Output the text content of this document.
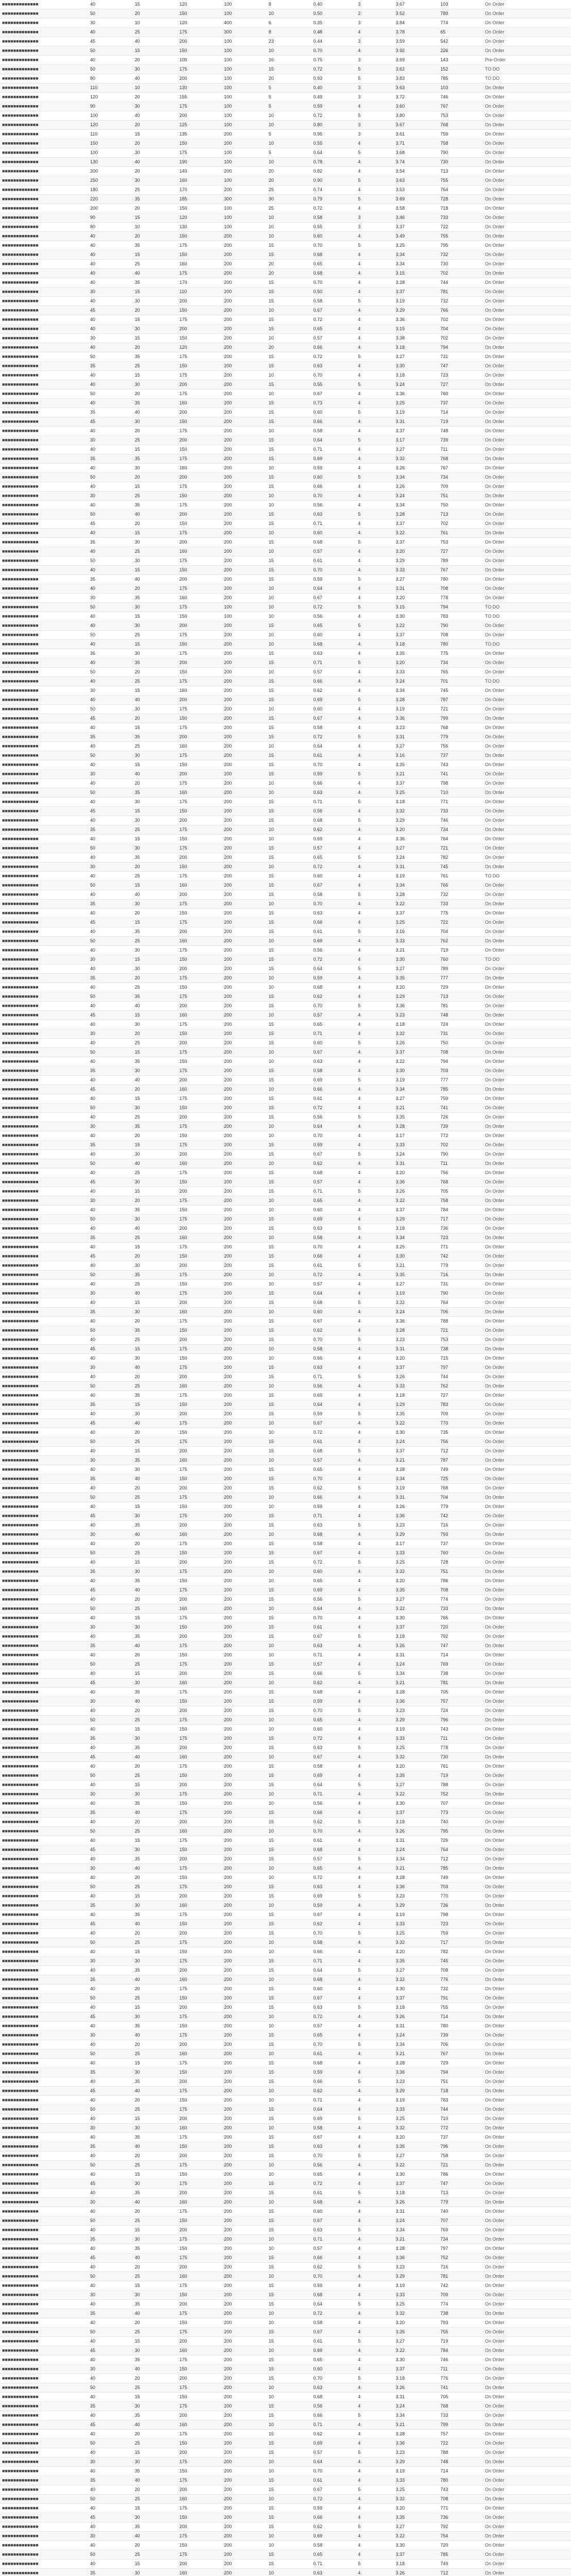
■■■■■■■■■■■■■	40	15	120	100	8	0.40	3	3.67	103	On Order
■■■■■■■■■■■■■	50	20	150	100	10	0.50	2	3.52	789	On Order
■■■■■■■■■■■■■	30	10	120	400	6	0.35	3	3.84	774	On Order
■■■■■■■■■■■■■	40	25	175	300	8	0.48	4	3.78	65	On Order
■■■■■■■■■■■■■	45	40	200	100	23	0.44	3	3.59	542	On Order
■■■■■■■■■■■■■	50	15	150	100	10	0.70	4	3.92	226	On Order
■■■■■■■■■■■■■	40	20	100	100	16	0.75	3	3.69	143	Pre-Order
■■■■■■■■■■■■■	50	30	175	100	15	0.72	5	3.62	152	TO DO
■■■■■■■■■■■■■	80	40	200	100	20	0.93	5	3.83	785	TO DO
■■■■■■■■■■■■■	110	10	130	100	5	0.40	3	3.63	103	On Order
■■■■■■■■■■■■■	120	20	155	100	5	0.49	3	3.72	746	On Order
■■■■■■■■■■■■■	90	30	175	100	5	0.59	4	3.60	767	On Order
■■■■■■■■■■■■■	100	40	200	100	10	0.72	5	3.80	753	On Order
■■■■■■■■■■■■■	120	20	125	100	10	0.80	3	3.67	768	On Order
■■■■■■■■■■■■■	110	15	135	200	5	0.95	3	3.61	759	On Order
■■■■■■■■■■■■■	150	20	150	200	10	0.55	4	3.71	758	On Order
■■■■■■■■■■■■■	100	30	175	100	5	0.64	5	3.68	790	On Order
■■■■■■■■■■■■■	130	40	190	100	10	0.78	4	3.74	730	On Order
■■■■■■■■■■■■■	200	20	140	200	20	0.82	4	3.54	713	On Order
■■■■■■■■■■■■■	250	30	160	100	20	0.90	5	3.63	755	On Order
■■■■■■■■■■■■■	180	25	170	200	25	0.74	4	3.53	764	On Order
■■■■■■■■■■■■■	220	35	185	300	30	0.79	5	3.69	728	On Order
■■■■■■■■■■■■■	200	20	150	100	25	0.72	4	3.58	718	On Order
■■■■■■■■■■■■■	90	15	120	100	10	0.58	3	3.46	733	On Order
■■■■■■■■■■■■■	80	10	130	100	10	0.55	3	3.37	722	On Order
■■■■■■■■■■■■■	40	20	150	200	10	0.60	4	3.49	755	On Order
■■■■■■■■■■■■■	40	35	175	200	15	0.70	5	3.25	795	On Order
■■■■■■■■■■■■■	40	15	150	200	15	0.68	4	3.34	732	On Order
■■■■■■■■■■■■■	40	25	160	200	20	0.65	4	3.34	730	On Order
■■■■■■■■■■■■■	40	40	175	200	20	0.68	4	3.15	702	On Order
■■■■■■■■■■■■■	40	35	170	200	15	0.70	4	3.28	744	On Order
■■■■■■■■■■■■■	30	15	110	200	15	0.50	4	3.37	781	On Order
■■■■■■■■■■■■■	40	30	200	200	15	0.58	5	3.19	732	On Order
■■■■■■■■■■■■■	45	20	150	200	10	0.67	4	3.29	766	On Order
■■■■■■■■■■■■■	40	15	175	200	15	0.72	4	3.36	702	On Order
■■■■■■■■■■■■■	40	30	200	200	15	0.65	4	3.15	704	On Order
■■■■■■■■■■■■■	30	15	150	200	10	0.57	4	3.38	702	On Order
■■■■■■■■■■■■■	40	20	120	200	20	0.66	4	3.18	794	On Order
■■■■■■■■■■■■■	50	35	175	200	15	0.72	5	3.27	731	On Order
■■■■■■■■■■■■■	35	25	150	200	15	0.63	4	3.30	747	On Order
■■■■■■■■■■■■■	40	15	175	200	10	0.70	4	3.18	723	On Order
■■■■■■■■■■■■■	40	30	200	200	15	0.55	5	3.24	727	On Order
■■■■■■■■■■■■■	50	20	175	200	10	0.67	4	3.36	760	On Order
■■■■■■■■■■■■■	40	35	160	200	15	0.73	4	3.25	737	On Order
■■■■■■■■■■■■■	35	40	200	200	15	0.60	5	3.19	714	On Order
■■■■■■■■■■■■■	45	30	150	200	15	0.66	4	3.31	719	On Order
■■■■■■■■■■■■■	40	20	175	200	10	0.58	4	3.37	748	On Order
■■■■■■■■■■■■■	30	25	200	200	15	0.64	5	3.17	739	On Order
■■■■■■■■■■■■■	40	15	150	200	15	0.71	4	3.27	711	On Order
■■■■■■■■■■■■■	35	35	175	200	15	0.69	4	3.32	768	On Order
■■■■■■■■■■■■■	40	30	160	200	10	0.59	4	3.26	767	On Order
■■■■■■■■■■■■■	50	20	200	200	15	0.60	5	3.34	734	On Order
■■■■■■■■■■■■■	40	15	175	200	15	0.66	4	3.26	709	On Order
■■■■■■■■■■■■■	30	25	150	200	10	0.70	4	3.24	751	On Order
■■■■■■■■■■■■■	40	35	175	200	10	0.56	4	3.34	750	On Order
■■■■■■■■■■■■■	50	40	200	200	15	0.63	5	3.28	713	On Order
■■■■■■■■■■■■■	45	20	150	200	15	0.71	4	3.37	702	On Order
■■■■■■■■■■■■■	40	15	175	200	10	0.60	4	3.22	761	On Order
■■■■■■■■■■■■■	35	30	200	200	15	0.68	5	3.37	753	On Order
■■■■■■■■■■■■■	40	25	160	200	10	0.57	4	3.20	727	On Order
■■■■■■■■■■■■■	50	30	175	200	15	0.61	4	3.29	789	On Order
■■■■■■■■■■■■■	40	15	150	200	15	0.70	4	3.33	767	On Order
■■■■■■■■■■■■■	35	40	200	200	15	0.59	5	3.27	780	On Order
■■■■■■■■■■■■■	40	20	175	200	10	0.64	4	3.31	708	On Order
■■■■■■■■■■■■■	30	35	160	200	10	0.67	4	3.20	778	On Order
■■■■■■■■■■■■■	50	30	175	100	10	0.72	5	3.15	794	TO DO
■■■■■■■■■■■■■	40	15	150	100	10	0.56	4	3.30	783	TO DO
■■■■■■■■■■■■■	40	30	200	200	15	0.65	5	3.22	790	On Order
■■■■■■■■■■■■■	50	25	175	200	10	0.60	4	3.37	708	On Order
■■■■■■■■■■■■■	40	15	150	200	10	0.68	4	3.18	780	TO DO
■■■■■■■■■■■■■	35	30	175	200	15	0.63	4	3.35	775	On Order
■■■■■■■■■■■■■	40	35	200	200	15	0.71	5	3.20	734	On Order
■■■■■■■■■■■■■	50	20	150	200	10	0.57	4	3.33	765	On Order
■■■■■■■■■■■■■	40	25	175	200	15	0.66	4	3.24	701	TO DO
■■■■■■■■■■■■■	30	15	160	200	15	0.62	4	3.34	745	On Order
■■■■■■■■■■■■■	40	40	200	200	15	0.69	5	3.28	787	On Order
■■■■■■■■■■■■■	50	30	175	200	10	0.60	4	3.19	721	On Order
■■■■■■■■■■■■■	45	20	150	200	15	0.67	4	3.36	799	On Order
■■■■■■■■■■■■■	40	15	175	200	15	0.58	4	3.23	768	On Order
■■■■■■■■■■■■■	35	35	200	200	15	0.72	5	3.31	779	On Order
■■■■■■■■■■■■■	40	25	160	200	10	0.64	4	3.27	756	On Order
■■■■■■■■■■■■■	50	30	175	200	15	0.61	4	3.16	737	On Order
■■■■■■■■■■■■■	40	15	150	200	15	0.70	4	3.35	743	On Order
■■■■■■■■■■■■■	30	40	200	200	15	0.59	5	3.21	741	On Order
■■■■■■■■■■■■■	40	20	175	200	10	0.66	4	3.37	798	On Order
■■■■■■■■■■■■■	50	35	160	200	10	0.63	4	3.25	710	On Order
■■■■■■■■■■■■■	40	30	175	200	15	0.71	5	3.18	771	On Order
■■■■■■■■■■■■■	45	15	150	200	15	0.56	4	3.32	733	On Order
■■■■■■■■■■■■■	40	30	200	200	15	0.68	5	3.29	746	On Order
■■■■■■■■■■■■■	35	25	175	200	10	0.62	4	3.20	734	On Order
■■■■■■■■■■■■■	40	15	150	200	10	0.69	4	3.36	764	On Order
■■■■■■■■■■■■■	50	30	175	200	15	0.57	4	3.27	721	On Order
■■■■■■■■■■■■■	40	35	200	200	15	0.65	5	3.24	782	On Order
■■■■■■■■■■■■■	30	20	150	200	10	0.72	4	3.31	745	On Order
■■■■■■■■■■■■■	40	25	175	200	15	0.60	4	3.19	761	TO DO
■■■■■■■■■■■■■	50	15	160	200	15	0.67	4	3.34	766	On Order
■■■■■■■■■■■■■	40	40	200	200	15	0.58	5	3.28	732	On Order
■■■■■■■■■■■■■	35	30	175	200	10	0.70	4	3.22	733	On Order
■■■■■■■■■■■■■	40	20	150	200	15	0.63	4	3.37	775	On Order
■■■■■■■■■■■■■	45	15	175	200	15	0.66	4	3.25	722	On Order
■■■■■■■■■■■■■	40	35	200	200	15	0.61	5	3.16	704	On Order
■■■■■■■■■■■■■	50	25	160	200	10	0.69	4	3.33	762	On Order
■■■■■■■■■■■■■	40	30	175	200	15	0.56	4	3.21	719	On Order
■■■■■■■■■■■■■	30	15	150	200	15	0.72	4	3.30	760	TO DO
■■■■■■■■■■■■■	40	30	200	200	15	0.64	5	3.27	789	On Order
■■■■■■■■■■■■■	35	20	175	200	10	0.59	4	3.35	777	On Order
■■■■■■■■■■■■■	40	25	150	200	10	0.68	4	3.20	729	On Order
■■■■■■■■■■■■■	50	35	175	200	15	0.62	4	3.29	713	On Order
■■■■■■■■■■■■■	40	40	200	200	15	0.70	5	3.36	781	On Order
■■■■■■■■■■■■■	45	15	160	200	10	0.57	4	3.23	748	On Order
■■■■■■■■■■■■■	40	30	175	200	15	0.65	4	3.18	724	On Order
■■■■■■■■■■■■■	30	20	150	200	15	0.71	4	3.32	731	On Order
■■■■■■■■■■■■■	40	25	200	200	15	0.60	5	3.26	750	On Order
■■■■■■■■■■■■■	50	15	175	200	10	0.67	4	3.37	708	On Order
■■■■■■■■■■■■■	40	35	150	200	10	0.63	4	3.22	794	On Order
■■■■■■■■■■■■■	35	30	175	200	15	0.58	4	3.30	703	On Order
■■■■■■■■■■■■■	40	40	200	200	15	0.69	5	3.19	777	On Order
■■■■■■■■■■■■■	45	20	160	200	10	0.66	4	3.34	785	On Order
■■■■■■■■■■■■■	40	15	175	200	15	0.61	4	3.27	759	On Order
■■■■■■■■■■■■■	50	30	150	200	15	0.72	4	3.21	741	On Order
■■■■■■■■■■■■■	40	25	200	200	15	0.56	5	3.35	726	On Order
■■■■■■■■■■■■■	30	35	175	200	10	0.64	4	3.28	739	On Order
■■■■■■■■■■■■■	40	20	150	200	10	0.70	4	3.17	772	On Order
■■■■■■■■■■■■■	35	15	175	200	15	0.59	4	3.33	702	On Order
■■■■■■■■■■■■■	40	30	200	200	15	0.67	5	3.24	790	On Order
■■■■■■■■■■■■■	50	40	160	200	10	0.62	4	3.31	711	On Order
■■■■■■■■■■■■■	40	25	175	200	15	0.68	4	3.20	756	On Order
■■■■■■■■■■■■■	45	30	150	200	15	0.57	4	3.36	768	On Order
■■■■■■■■■■■■■	40	15	200	200	15	0.71	5	3.26	705	On Order
■■■■■■■■■■■■■	30	20	175	200	10	0.65	4	3.22	758	On Order
■■■■■■■■■■■■■	40	35	150	200	10	0.60	4	3.37	784	On Order
■■■■■■■■■■■■■	50	30	175	200	15	0.69	4	3.29	717	On Order
■■■■■■■■■■■■■	40	40	200	200	15	0.63	5	3.18	736	On Order
■■■■■■■■■■■■■	35	25	160	200	10	0.58	4	3.34	723	On Order
■■■■■■■■■■■■■	40	15	175	200	15	0.70	4	3.25	771	On Order
■■■■■■■■■■■■■	45	20	150	200	15	0.66	4	3.30	742	On Order
■■■■■■■■■■■■■	40	30	200	200	15	0.61	5	3.21	779	On Order
■■■■■■■■■■■■■	50	35	175	200	10	0.72	4	3.35	716	On Order
■■■■■■■■■■■■■	40	25	150	200	10	0.57	4	3.27	731	On Order
■■■■■■■■■■■■■	30	40	175	200	15	0.64	4	3.19	790	On Order
■■■■■■■■■■■■■	40	15	200	200	15	0.68	5	3.32	764	On Order
■■■■■■■■■■■■■	35	30	160	200	10	0.60	4	3.24	706	On Order
■■■■■■■■■■■■■	40	20	175	200	15	0.67	4	3.36	788	On Order
■■■■■■■■■■■■■	50	35	150	200	15	0.62	4	3.28	721	On Order
■■■■■■■■■■■■■	40	25	200	200	15	0.70	5	3.23	753	On Order
■■■■■■■■■■■■■	45	15	175	200	10	0.58	4	3.31	738	On Order
■■■■■■■■■■■■■	40	30	150	200	10	0.66	4	3.20	715	On Order
■■■■■■■■■■■■■	30	40	175	200	15	0.63	4	3.37	797	On Order
■■■■■■■■■■■■■	40	20	200	200	15	0.71	5	3.26	744	On Order
■■■■■■■■■■■■■	50	25	160	200	10	0.56	4	3.33	762	On Order
■■■■■■■■■■■■■	40	35	175	200	15	0.69	4	3.18	727	On Order
■■■■■■■■■■■■■	35	15	150	200	15	0.64	4	3.29	783	On Order
■■■■■■■■■■■■■	40	30	200	200	15	0.59	5	3.35	709	On Order
■■■■■■■■■■■■■	45	40	175	200	10	0.67	4	3.22	770	On Order
■■■■■■■■■■■■■	40	20	150	200	10	0.72	4	3.30	735	On Order
■■■■■■■■■■■■■	50	25	175	200	15	0.61	4	3.24	756	On Order
■■■■■■■■■■■■■	40	15	200	200	15	0.68	5	3.37	712	On Order
■■■■■■■■■■■■■	30	35	160	200	10	0.57	4	3.21	787	On Order
■■■■■■■■■■■■■	40	30	175	200	15	0.65	4	3.28	749	On Order
■■■■■■■■■■■■■	35	40	150	200	15	0.70	4	3.34	725	On Order
■■■■■■■■■■■■■	40	20	200	200	15	0.62	5	3.19	768	On Order
■■■■■■■■■■■■■	50	25	175	200	10	0.66	4	3.31	704	On Order
■■■■■■■■■■■■■	40	15	150	200	10	0.59	4	3.26	779	On Order
■■■■■■■■■■■■■	45	30	175	200	15	0.71	4	3.36	742	On Order
■■■■■■■■■■■■■	40	35	200	200	15	0.63	5	3.23	716	On Order
■■■■■■■■■■■■■	30	40	160	200	10	0.68	4	3.29	793	On Order
■■■■■■■■■■■■■	40	20	175	200	15	0.58	4	3.17	737	On Order
■■■■■■■■■■■■■	50	25	150	200	15	0.67	4	3.33	760	On Order
■■■■■■■■■■■■■	40	15	200	200	15	0.72	5	3.25	728	On Order
■■■■■■■■■■■■■	35	30	175	200	10	0.60	4	3.32	751	On Order
■■■■■■■■■■■■■	40	35	150	200	10	0.65	4	3.20	786	On Order
■■■■■■■■■■■■■	45	40	175	200	15	0.69	4	3.35	708	On Order
■■■■■■■■■■■■■	40	20	200	200	15	0.56	5	3.27	774	On Order
■■■■■■■■■■■■■	50	25	160	200	10	0.64	4	3.22	733	On Order
■■■■■■■■■■■■■	40	15	175	200	15	0.70	4	3.30	765	On Order
■■■■■■■■■■■■■	30	30	150	200	15	0.61	4	3.37	720	On Order
■■■■■■■■■■■■■	40	35	200	200	15	0.67	5	3.18	792	On Order
■■■■■■■■■■■■■	35	40	175	200	10	0.63	4	3.26	747	On Order
■■■■■■■■■■■■■	40	20	150	200	10	0.71	4	3.31	714	On Order
■■■■■■■■■■■■■	50	25	175	200	15	0.57	4	3.24	769	On Order
■■■■■■■■■■■■■	40	15	200	200	15	0.66	5	3.34	738	On Order
■■■■■■■■■■■■■	45	30	160	200	10	0.62	4	3.21	781	On Order
■■■■■■■■■■■■■	40	35	175	200	15	0.68	4	3.28	705	On Order
■■■■■■■■■■■■■	30	40	150	200	15	0.59	4	3.36	757	On Order
■■■■■■■■■■■■■	40	20	200	200	15	0.70	5	3.23	724	On Order
■■■■■■■■■■■■■	50	25	175	200	10	0.65	4	3.29	796	On Order
■■■■■■■■■■■■■	40	15	150	200	10	0.60	4	3.19	743	On Order
■■■■■■■■■■■■■	35	30	175	200	15	0.72	4	3.33	711	On Order
■■■■■■■■■■■■■	40	35	200	200	15	0.63	5	3.25	778	On Order
■■■■■■■■■■■■■	45	40	160	200	10	0.67	4	3.32	730	On Order
■■■■■■■■■■■■■	40	20	175	200	15	0.58	4	3.20	761	On Order
■■■■■■■■■■■■■	50	25	150	200	15	0.69	4	3.35	719	On Order
■■■■■■■■■■■■■	40	15	200	200	15	0.64	5	3.27	788	On Order
■■■■■■■■■■■■■	30	30	175	200	10	0.71	4	3.22	752	On Order
■■■■■■■■■■■■■	40	35	150	200	10	0.56	4	3.30	707	On Order
■■■■■■■■■■■■■	35	40	175	200	15	0.66	4	3.37	773	On Order
■■■■■■■■■■■■■	40	20	200	200	15	0.62	5	3.18	740	On Order
■■■■■■■■■■■■■	50	25	160	200	10	0.70	4	3.26	795	On Order
■■■■■■■■■■■■■	40	15	175	200	15	0.61	4	3.31	726	On Order
■■■■■■■■■■■■■	45	30	150	200	15	0.68	4	3.24	764	On Order
■■■■■■■■■■■■■	40	35	200	200	15	0.57	5	3.34	712	On Order
■■■■■■■■■■■■■	30	40	175	200	10	0.65	4	3.21	785	On Order
■■■■■■■■■■■■■	40	20	150	200	10	0.72	4	3.28	749	On Order
■■■■■■■■■■■■■	50	25	175	200	15	0.63	4	3.36	703	On Order
■■■■■■■■■■■■■	40	15	200	200	15	0.69	5	3.23	770	On Order
■■■■■■■■■■■■■	35	30	160	200	10	0.59	4	3.29	736	On Order
■■■■■■■■■■■■■	40	35	175	200	15	0.67	4	3.19	798	On Order
■■■■■■■■■■■■■	45	40	150	200	15	0.62	4	3.33	723	On Order
■■■■■■■■■■■■■	40	20	200	200	15	0.70	5	3.25	759	On Order
■■■■■■■■■■■■■	50	25	175	200	10	0.58	4	3.32	717	On Order
■■■■■■■■■■■■■	40	15	150	200	10	0.66	4	3.20	782	On Order
■■■■■■■■■■■■■	30	30	175	200	15	0.71	4	3.35	745	On Order
■■■■■■■■■■■■■	40	35	200	200	15	0.64	5	3.27	708	On Order
■■■■■■■■■■■■■	35	40	160	200	10	0.68	4	3.22	776	On Order
■■■■■■■■■■■■■	40	20	175	200	15	0.60	4	3.30	732	On Order
■■■■■■■■■■■■■	50	25	150	200	15	0.67	4	3.37	791	On Order
■■■■■■■■■■■■■	40	15	200	200	15	0.63	5	3.18	755	On Order
■■■■■■■■■■■■■	45	30	175	200	10	0.72	4	3.26	714	On Order
■■■■■■■■■■■■■	40	35	150	200	10	0.57	4	3.31	780	On Order
■■■■■■■■■■■■■	30	40	175	200	15	0.65	4	3.24	739	On Order
■■■■■■■■■■■■■	40	20	200	200	15	0.70	5	3.34	706	On Order
■■■■■■■■■■■■■	50	25	160	200	10	0.61	4	3.21	767	On Order
■■■■■■■■■■■■■	40	15	175	200	15	0.68	4	3.28	729	On Order
■■■■■■■■■■■■■	35	30	150	200	15	0.59	4	3.36	794	On Order
■■■■■■■■■■■■■	40	35	200	200	15	0.66	5	3.23	751	On Order
■■■■■■■■■■■■■	45	40	175	200	10	0.62	4	3.29	718	On Order
■■■■■■■■■■■■■	40	20	150	200	10	0.71	4	3.19	783	On Order
■■■■■■■■■■■■■	50	25	175	200	15	0.64	4	3.33	744	On Order
■■■■■■■■■■■■■	40	15	200	200	15	0.69	5	3.25	710	On Order
■■■■■■■■■■■■■	30	30	160	200	10	0.58	4	3.32	772	On Order
■■■■■■■■■■■■■	40	35	175	200	15	0.67	4	3.20	737	On Order
■■■■■■■■■■■■■	35	40	150	200	15	0.63	4	3.35	796	On Order
■■■■■■■■■■■■■	40	20	200	200	15	0.70	5	3.27	758	On Order
■■■■■■■■■■■■■	50	25	175	200	10	0.56	4	3.22	721	On Order
■■■■■■■■■■■■■	40	15	150	200	10	0.65	4	3.30	786	On Order
■■■■■■■■■■■■■	45	30	175	200	15	0.72	4	3.37	747	On Order
■■■■■■■■■■■■■	40	35	200	200	15	0.61	5	3.18	713	On Order
■■■■■■■■■■■■■	30	40	160	200	10	0.68	4	3.26	779	On Order
■■■■■■■■■■■■■	40	20	175	200	15	0.60	4	3.31	740	On Order
■■■■■■■■■■■■■	50	25	150	200	15	0.67	4	3.24	707	On Order
■■■■■■■■■■■■■	40	15	200	200	15	0.63	5	3.34	769	On Order
■■■■■■■■■■■■■	35	30	175	200	10	0.71	4	3.21	734	On Order
■■■■■■■■■■■■■	40	35	150	200	10	0.57	4	3.28	797	On Order
■■■■■■■■■■■■■	45	40	175	200	15	0.66	4	3.36	752	On Order
■■■■■■■■■■■■■	40	20	200	200	15	0.62	5	3.23	716	On Order
■■■■■■■■■■■■■	50	25	160	200	10	0.70	4	3.29	781	On Order
■■■■■■■■■■■■■	40	15	175	200	15	0.59	4	3.19	742	On Order
■■■■■■■■■■■■■	30	30	150	200	15	0.68	4	3.33	709	On Order
■■■■■■■■■■■■■	40	35	200	200	15	0.64	5	3.25	774	On Order
■■■■■■■■■■■■■	35	40	175	200	10	0.72	4	3.32	738	On Order
■■■■■■■■■■■■■	40	20	150	200	10	0.58	4	3.20	793	On Order
■■■■■■■■■■■■■	50	25	175	200	15	0.67	4	3.35	755	On Order
■■■■■■■■■■■■■	40	15	200	200	15	0.61	5	3.27	719	On Order
■■■■■■■■■■■■■	45	30	160	200	10	0.69	4	3.22	784	On Order
■■■■■■■■■■■■■	40	35	175	200	15	0.65	4	3.30	746	On Order
■■■■■■■■■■■■■	30	40	150	200	15	0.60	4	3.37	711	On Order
■■■■■■■■■■■■■	40	20	200	200	15	0.70	5	3.18	776	On Order
■■■■■■■■■■■■■	50	25	175	200	10	0.63	4	3.26	741	On Order
■■■■■■■■■■■■■	40	15	150	200	10	0.68	4	3.31	705	On Order
■■■■■■■■■■■■■	35	30	175	200	15	0.56	4	3.24	768	On Order
■■■■■■■■■■■■■	40	35	200	200	15	0.66	5	3.34	733	On Order
■■■■■■■■■■■■■	45	40	160	200	10	0.71	4	3.21	799	On Order
■■■■■■■■■■■■■	40	20	175	200	15	0.62	4	3.28	757	On Order
■■■■■■■■■■■■■	50	25	150	200	15	0.69	4	3.36	722	On Order
■■■■■■■■■■■■■	40	15	200	200	15	0.57	5	3.23	788	On Order
■■■■■■■■■■■■■	30	30	175	200	10	0.64	4	3.29	748	On Order
■■■■■■■■■■■■■	40	35	150	200	10	0.70	4	3.19	714	On Order
■■■■■■■■■■■■■	35	40	175	200	15	0.61	4	3.33	780	On Order
■■■■■■■■■■■■■	40	20	200	200	15	0.67	5	3.25	743	On Order
■■■■■■■■■■■■■	50	25	160	200	10	0.72	4	3.32	708	On Order
■■■■■■■■■■■■■	40	15	175	200	15	0.59	4	3.20	771	On Order
■■■■■■■■■■■■■	45	30	150	200	15	0.66	4	3.35	736	On Order
■■■■■■■■■■■■■	40	35	200	200	15	0.62	5	3.27	792	On Order
■■■■■■■■■■■■■	30	40	175	200	10	0.69	4	3.22	754	On Order
■■■■■■■■■■■■■	40	20	150	200	10	0.58	4	3.30	720	On Order
■■■■■■■■■■■■■	50	25	175	200	15	0.65	4	3.37	785	On Order
■■■■■■■■■■■■■	40	15	200	200	15	0.71	5	3.18	749	On Order
■■■■■■■■■■■■■	35	30	160	200	10	0.63	4	3.26	712	On Order
